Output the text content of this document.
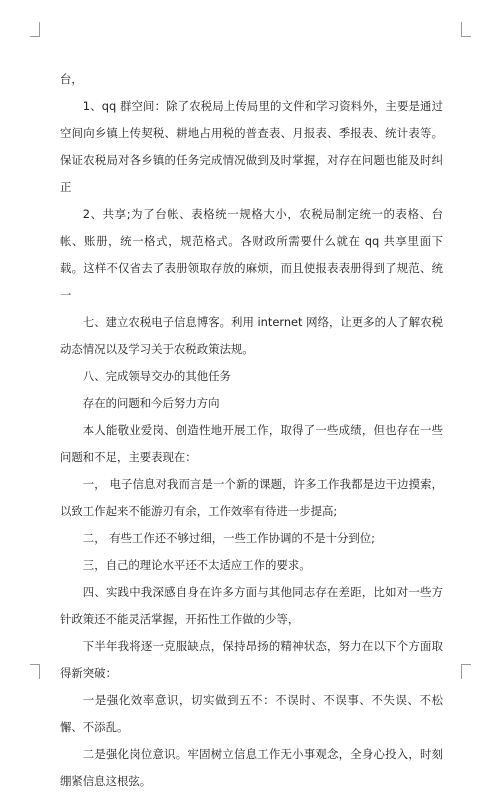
台，

1、qq 群空间：除了农税局上传局里的文件和学习资料外，主要是通过空间向乡镇上传契税、耕地占用税的普查表、月报表、季报表、统计表等。保证农税局对各乡镇的任务完成情况做到及时掌握，对存在问题也能及时纠正

2、共享;为了台帐、表格统一规格大小，农税局制定统一的表格、台帐、账册，统一格式，规范格式。各财政所需要什么就在 qq 共享里面下载。这样不仅省去了表册领取存放的麻烦，而且使报表表册得到了规范、统一

七、建立农税电子信息博客。利用 internet 网络，让更多的人了解农税动态情况以及学习关于农税政策法规。

八、完成领导交办的其他任务

存在的问题和今后努力方向

本人能敬业爱岗、创造性地开展工作，取得了一些成绩，但也存在一些问题和不足，主要表现在：

一， 电子信息对我而言是一个新的课题，许多工作我都是边干边摸索，以致工作起来不能游刃有余，工作效率有待进一步提高;

二， 有些工作还不够过细，一些工作协调的不是十分到位;

三，自己的理论水平还不太适应工作的要求。

四、实践中我深感自身在许多方面与其他同志存在差距，比如对一些方针政策还不能灵活掌握，开拓性工作做的少等，

下半年我将逐一克服缺点，保持昂扬的精神状态，努力在以下个方面取得新突破：

一是强化效率意识，切实做到五不：不误时、不误事、不失误、不松懈、不添乱。

二是强化岗位意识。牢固树立信息工作无小事观念，全身心投入，时刻绷紧信息这根弦。
